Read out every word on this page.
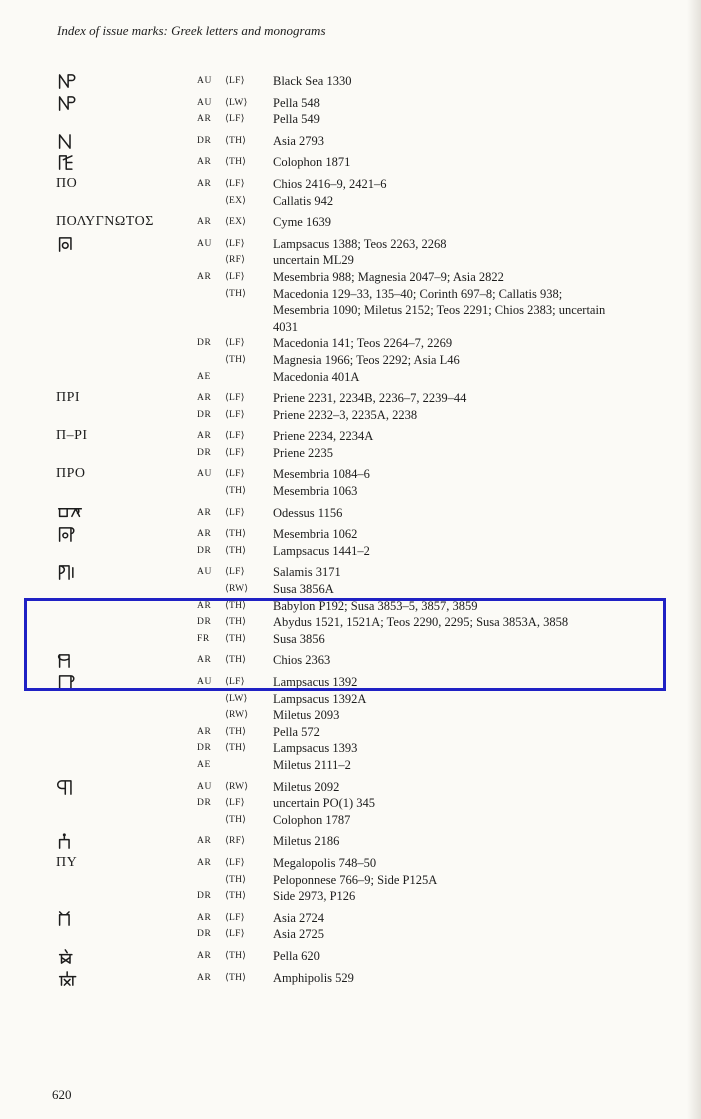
Index of issue marks: Greek letters and monograms
AU	⟨LF⟩	Black Sea 1330
AU	⟨LW⟩	Pella 548
AR	⟨LF⟩	Pella 549
DR	⟨TH⟩	Asia 2793
AR	⟨TH⟩	Colophon 1871
ΠΟ	AR	⟨LF⟩	Chios 2416–9, 2421–6
⟨EX⟩	Callatis 942
ΠΟΛΥΓΝΩΤΟΣ	AR	⟨EX⟩	Cyme 1639
AU	⟨LF⟩	Lampsacus 1388; Teos 2263, 2268
⟨RF⟩	uncertain ML29
AR	⟨LF⟩	Mesembria 988; Magnesia 2047–9; Asia 2822
⟨TH⟩	Macedonia 129–33, 135–40; Corinth 697–8; Callatis 938;
Mesembria 1090; Miletus 2152; Teos 2291; Chios 2383; uncertain
4031
DR	⟨LF⟩	Macedonia 141; Teos 2264–7, 2269
⟨TH⟩	Magnesia 1966; Teos 2292; Asia L46
AE	Macedonia 401A
ΠΡΙ	AR	⟨LF⟩	Priene 2231, 2234B, 2236–7, 2239–44
DR	⟨LF⟩	Priene 2232–3, 2235A, 2238
Π–ΡΙ	AR	⟨LF⟩	Priene 2234, 2234A
DR	⟨LF⟩	Priene 2235
ΠΡΟ	AU	⟨LF⟩	Mesembria 1084–6
⟨TH⟩	Mesembria 1063
AR	⟨LF⟩	Odessus 1156
AR	⟨TH⟩	Mesembria 1062
DR	⟨TH⟩	Lampsacus 1441–2
AU	⟨LF⟩	Salamis 3171
⟨RW⟩	Susa 3856A
AR	⟨TH⟩	Babylon P192; Susa 3853–5, 3857, 3859
DR	⟨TH⟩	Abydus 1521, 1521A; Teos 2290, 2295; Susa 3853A, 3858
FR	⟨TH⟩	Susa 3856
AR	⟨TH⟩	Chios 2363
AU	⟨LF⟩	Lampsacus 1392
⟨LW⟩	Lampsacus 1392A
⟨RW⟩	Miletus 2093
AR	⟨TH⟩	Pella 572
DR	⟨TH⟩	Lampsacus 1393
AE	Miletus 2111–2
AU	⟨RW⟩	Miletus 2092
DR	⟨LF⟩	uncertain PO(1) 345
⟨TH⟩	Colophon 1787
AR	⟨RF⟩	Miletus 2186
ΠΥ	AR	⟨LF⟩	Megalopolis 748–50
⟨TH⟩	Peloponnese 766–9; Side P125A
DR	⟨TH⟩	Side 2973, P126
AR	⟨LF⟩	Asia 2724
DR	⟨LF⟩	Asia 2725
AR	⟨TH⟩	Pella 620
AR	⟨TH⟩	Amphipolis 529
620
